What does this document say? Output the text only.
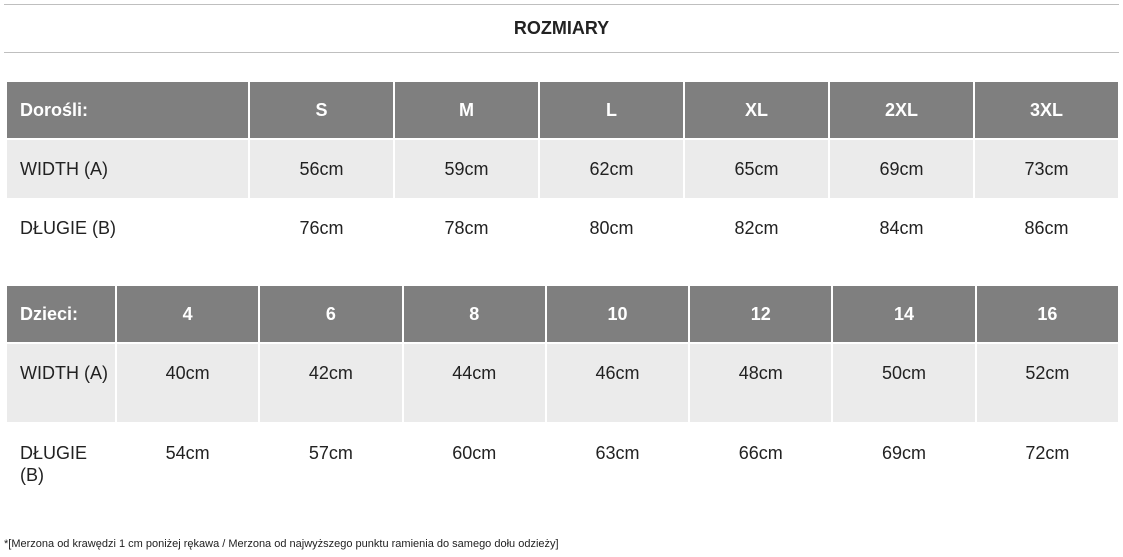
ROZMIARY
Dorośli:	S	M	L	XL	2XL	3XL
WIDTH (A)	56cm	59cm	62cm	65cm	69cm	73cm
DŁUGIE (B)	76cm	78cm	80cm	82cm	84cm	86cm
Dzieci:	4	6	8	10	12	14	16
WIDTH (A)	40cm	42cm	44cm	46cm	48cm	50cm	52cm
DŁUGIE (B)	54cm	57cm	60cm	63cm	66cm	69cm	72cm
*[Merzona od krawędzi 1 cm poniżej rękawa / Merzona od najwyższego punktu ramienia do samego dołu odzieży]
